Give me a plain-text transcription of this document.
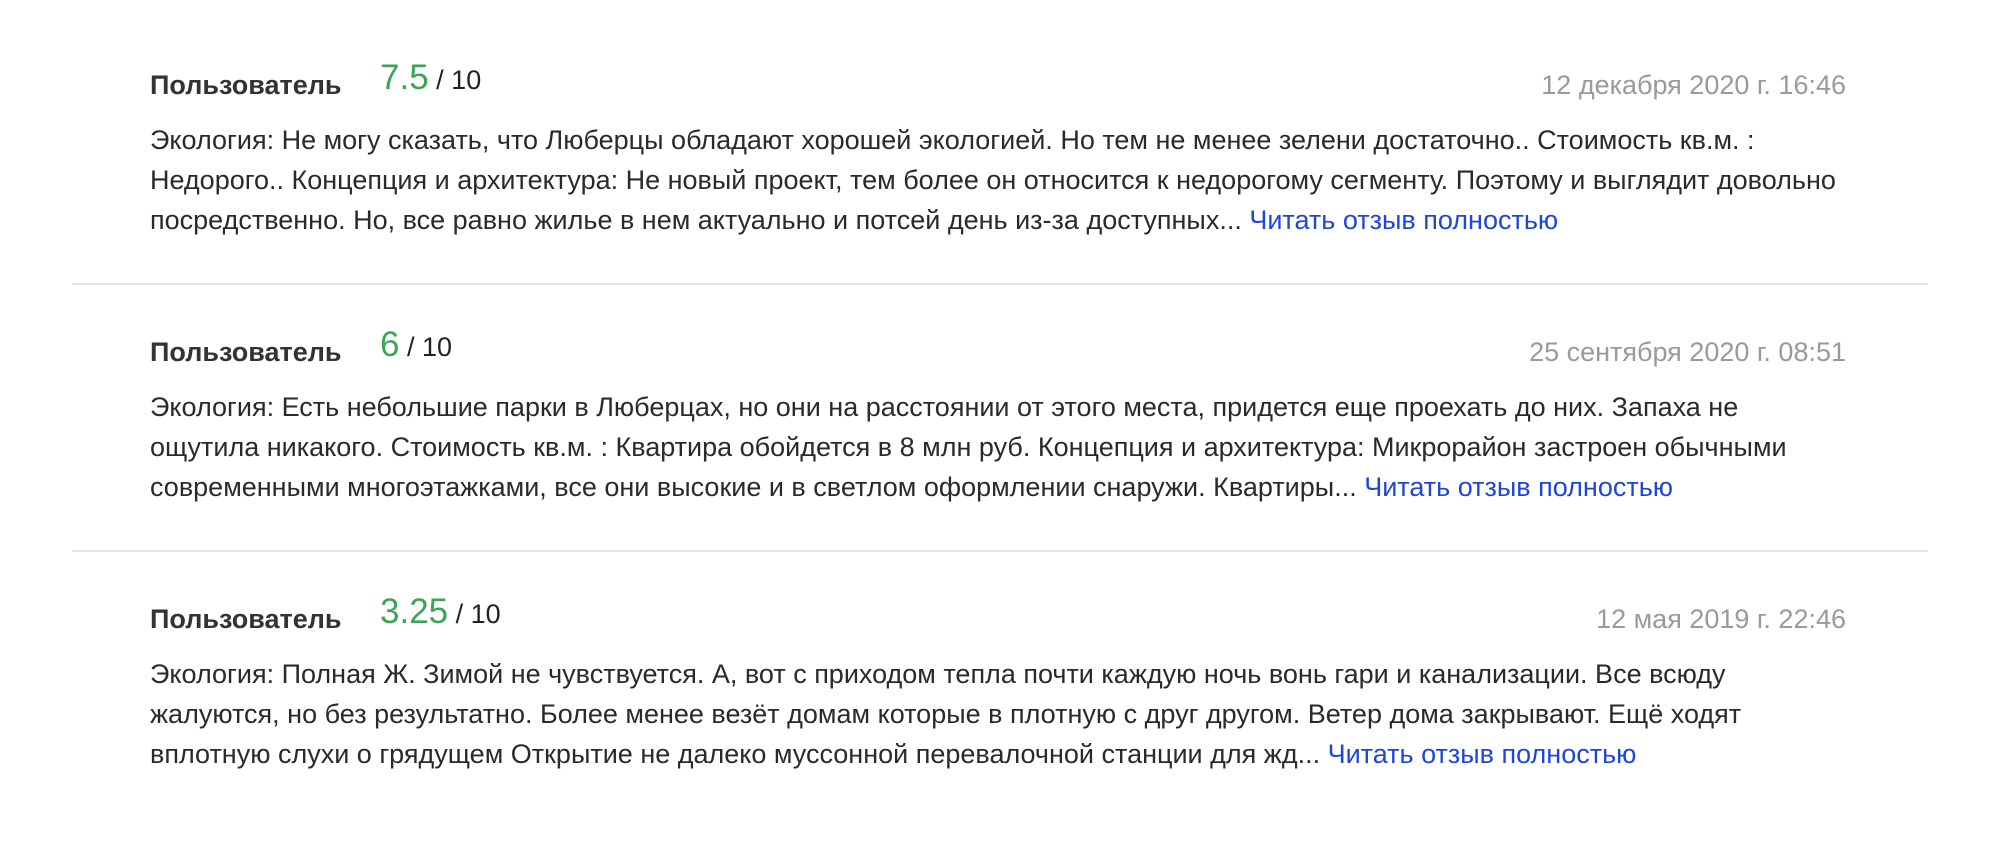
Пользователь 7.5 / 10	12 декабря 2020 г. 16:46
Экология: Не могу сказать, что Люберцы обладают хорошей экологией. Но тем не менее зелени достаточно.. Стоимость кв.м. : Недорого.. Концепция и архитектура: Не новый проект, тем более он относится к недорогому сегменту. Поэтому и выглядит довольно посредственно. Но, все равно жилье в нем актуально и потсей день из-за доступных... Читать отзыв полностью
Пользователь 6 / 10	25 сентября 2020 г. 08:51
Экология: Есть небольшие парки в Люберцах, но они на расстоянии от этого места, придется еще проехать до них. Запаха не ощутила никакого. Стоимость кв.м. : Квартира обойдется в 8 млн руб. Концепция и архитектура: Микрорайон застроен обычными современными многоэтажками, все они высокие и в светлом оформлении снаружи. Квартиры... Читать отзыв полностью
Пользователь 3.25 / 10	12 мая 2019 г. 22:46
Экология: Полная Ж. Зимой не чувствуется. А, вот с приходом тепла почти каждую ночь вонь гари и канализации. Все всюду жалуются, но без результатно. Более менее везёт домам которые в плотную с друг другом. Ветер дома закрывают. Ещё ходят вплотную слухи о грядущем Открытие не далеко муссонной перевалочной станции для жд... Читать отзыв полностью
